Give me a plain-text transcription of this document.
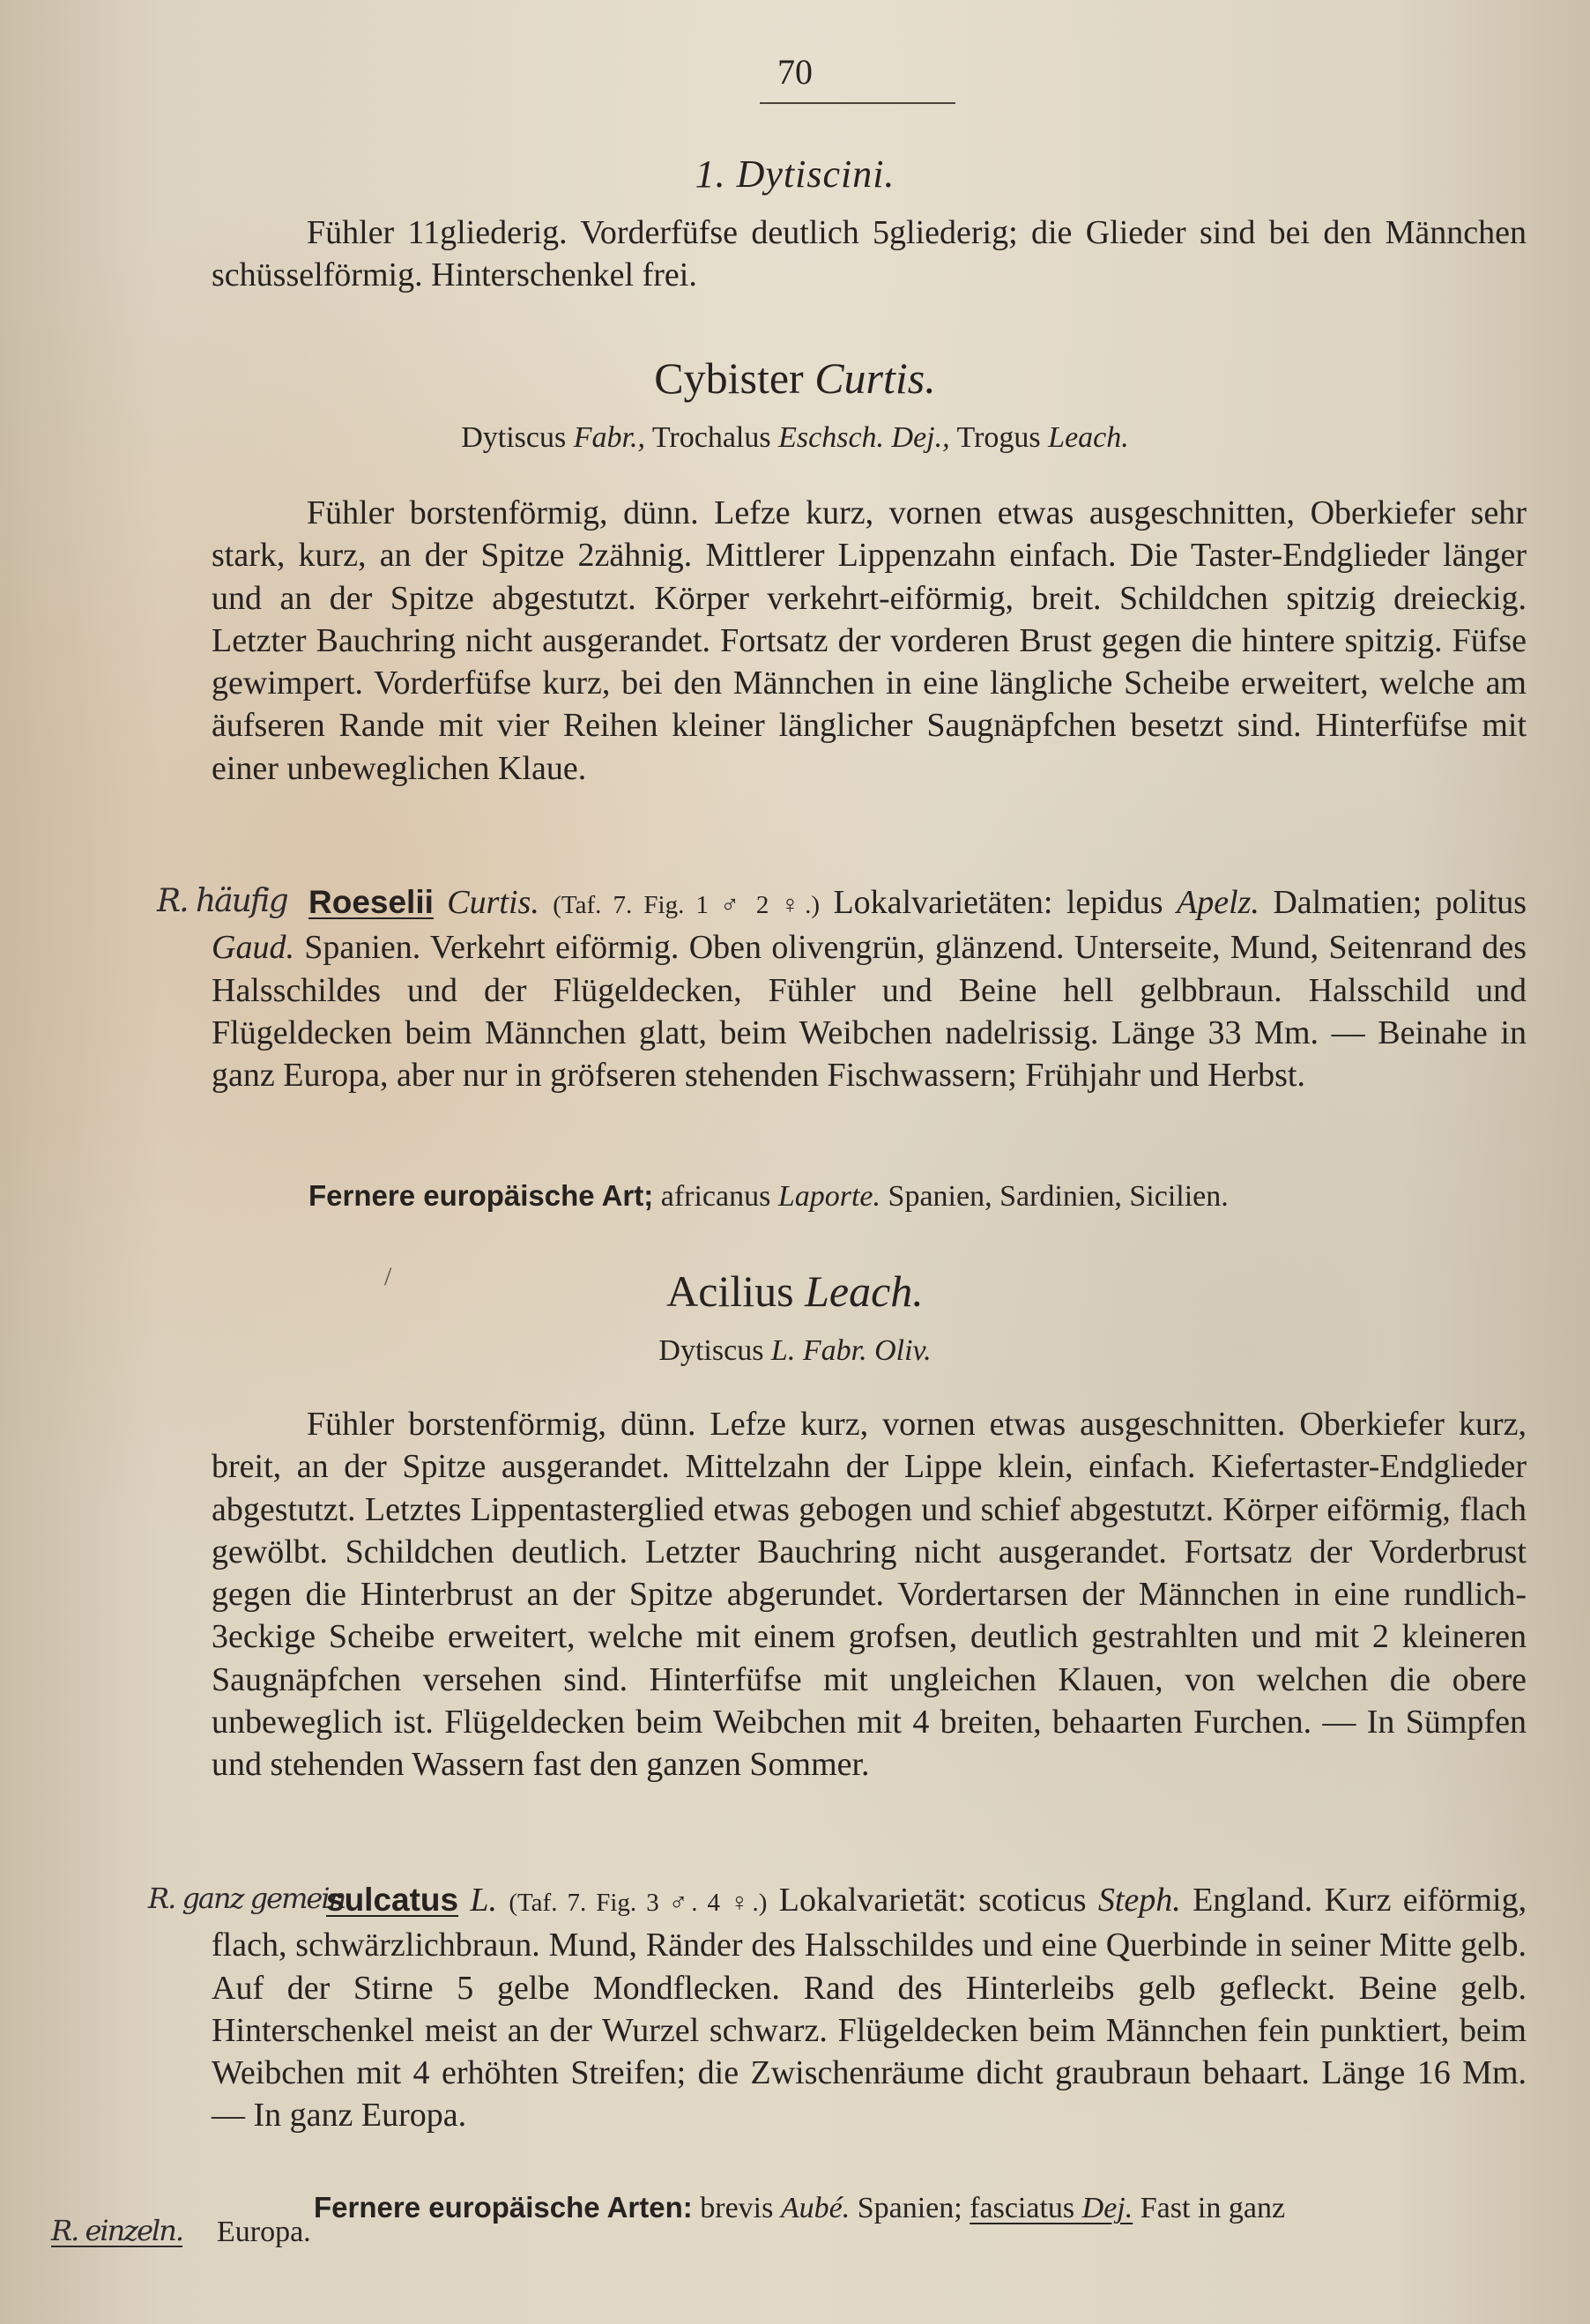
70
1. Dytiscini.
Fühler 11gliederig. Vorderfüfse deutlich 5gliederig; die Glieder sind bei den Männchen schüsselförmig. Hinterschenkel frei.
Cybister Curtis.
Dytiscus Fabr., Trochalus Eschsch. Dej., Trogus Leach.
Fühler borstenförmig, dünn. Lefze kurz, vornen etwas ausgeschnitten, Oberkiefer sehr stark, kurz, an der Spitze 2zähnig. Mittlerer Lippenzahn einfach. Die Taster-Endglieder länger und an der Spitze abgestutzt. Körper verkehrt-eiförmig, breit. Schildchen spitzig dreieckig. Letzter Bauchring nicht ausgerandet. Fortsatz der vorderen Brust gegen die hintere spitzig. Füfse gewimpert. Vorderfüfse kurz, bei den Männchen in eine längliche Scheibe erweitert, welche am äufseren Rande mit vier Reihen kleiner länglicher Saugnäpfchen besetzt sind. Hinterfüfse mit einer unbeweglichen Klaue.
R. häufig Roeselii Curtis. (Taf. 7. Fig. 1 ♂ 2 ♀.) Lokalvarietäten: lepidus Apelz. Dalmatien; politus Gaud. Spanien. Verkehrt eiförmig. Oben olivengrün, glänzend. Unterseite, Mund, Seitenrand des Halsschildes und der Flügeldecken, Fühler und Beine hell gelbbraun. Halsschild und Flügeldecken beim Männchen glatt, beim Weibchen nadelrissig. Länge 33 Mm. — Beinahe in ganz Europa, aber nur in gröfseren stehenden Fischwassern; Frühjahr und Herbst.
Fernere europäische Art; africanus Laporte. Spanien, Sardinien, Sicilien.
/	Acilius Leach.
Dytiscus L. Fabr. Oliv.
Fühler borstenförmig, dünn. Lefze kurz, vornen etwas ausgeschnitten. Oberkiefer kurz, breit, an der Spitze ausgerandet. Mittelzahn der Lippe klein, einfach. Kiefertaster-Endglieder abgestutzt. Letztes Lippentasterglied etwas gebogen und schief abgestutzt. Körper eiförmig, flach gewölbt. Schildchen deutlich. Letzter Bauchring nicht ausgerandet. Fortsatz der Vorderbrust gegen die Hinterbrust an der Spitze abgerundet. Vordertarsen der Männchen in eine rundlich-3eckige Scheibe erweitert, welche mit einem grofsen, deutlich gestrahlten und mit 2 kleineren Saugnäpfchen versehen sind. Hinterfüfse mit ungleichen Klauen, von welchen die obere unbeweglich ist. Flügeldecken beim Weibchen mit 4 breiten, behaarten Furchen. — In Sümpfen und stehenden Wassern fast den ganzen Sommer.
R. ganz gemein
sulcatus L. (Taf. 7. Fig. 3 ♂. 4 ♀.) Lokalvarietät: scoticus Steph. England. Kurz eiförmig, flach, schwärzlichbraun. Mund, Ränder des Halsschildes und eine Querbinde in seiner Mitte gelb. Auf der Stirne 5 gelbe Mondflecken. Rand des Hinterleibs gelb gefleckt. Beine gelb. Hinterschenkel meist an der Wurzel schwarz. Flügeldecken beim Männchen fein punktiert, beim Weibchen mit 4 erhöhten Streifen; die Zwischenräume dicht graubraun behaart. Länge 16 Mm. — In ganz Europa.
Fernere europäische Arten: brevis Aubé. Spanien; fasciatus Dej. Fast in ganz
R. einzeln. Europa.
